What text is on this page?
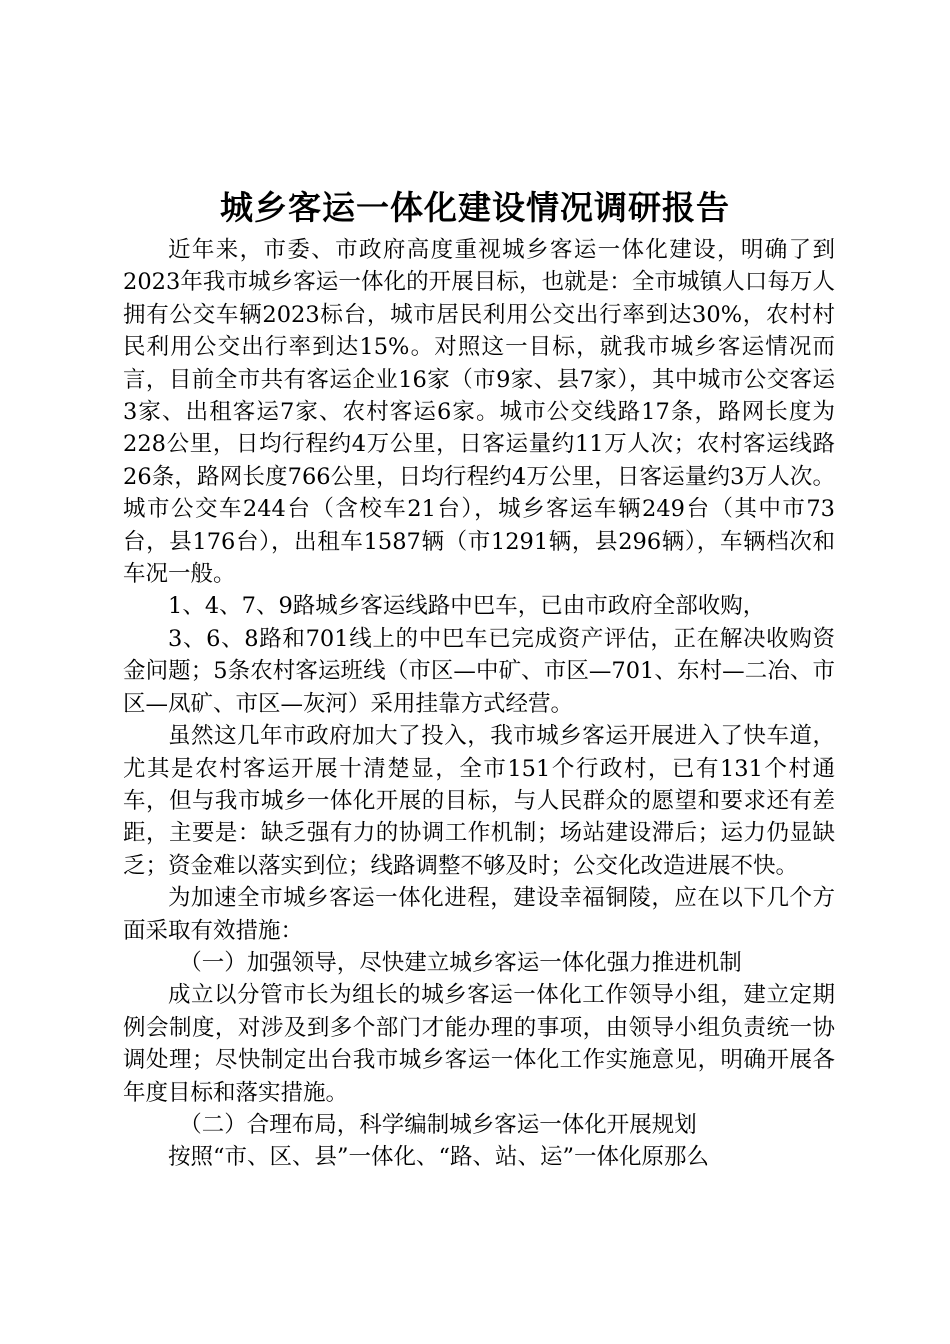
城乡客运一体化建设情况调研报告

近年来，市委、市政府高度重视城乡客运一体化建设，明确了到2023年我市城乡客运一体化的开展目标，也就是：全市城镇人口每万人拥有公交车辆2023标台，城市居民利用公交出行率到达30%，农村村民利用公交出行率到达15%。对照这一目标，就我市城乡客运情况而言，目前全市共有客运企业16家（市9家、县7家），其中城市公交客运3家、出租客运7家、农村客运6家。城市公交线路17条，路网长度为228公里，日均行程约4万公里，日客运量约11万人次；农村客运线路26条，路网长度766公里，日均行程约4万公里，日客运量约3万人次。城市公交车244台（含校车21台），城乡客运车辆249台（其中市73台，县176台），出租车1587辆（市1291辆，县296辆），车辆档次和车况一般。

1、4、7、9路城乡客运线路中巴车，已由市政府全部收购，

3、6、8路和701线上的中巴车已完成资产评估，正在解决收购资金问题；5条农村客运班线（市区—中矿、市区—701、东村—二冶、市区—凤矿、市区—灰河）采用挂靠方式经营。

虽然这几年市政府加大了投入，我市城乡客运开展进入了快车道，尤其是农村客运开展十清楚显，全市151个行政村，已有131个村通车，但与我市城乡一体化开展的目标，与人民群众的愿望和要求还有差距，主要是：缺乏强有力的协调工作机制；场站建设滞后；运力仍显缺乏；资金难以落实到位；线路调整不够及时；公交化改造进展不快。

为加速全市城乡客运一体化进程，建设幸福铜陵，应在以下几个方面采取有效措施：

（一）加强领导，尽快建立城乡客运一体化强力推进机制

成立以分管市长为组长的城乡客运一体化工作领导小组，建立定期例会制度，对涉及到多个部门才能办理的事项，由领导小组负责统一协调处理；尽快制定出台我市城乡客运一体化工作实施意见，明确开展各年度目标和落实措施。

（二）合理布局，科学编制城乡客运一体化开展规划

按照“市、区、县”一体化、“路、站、运”一体化原那么
